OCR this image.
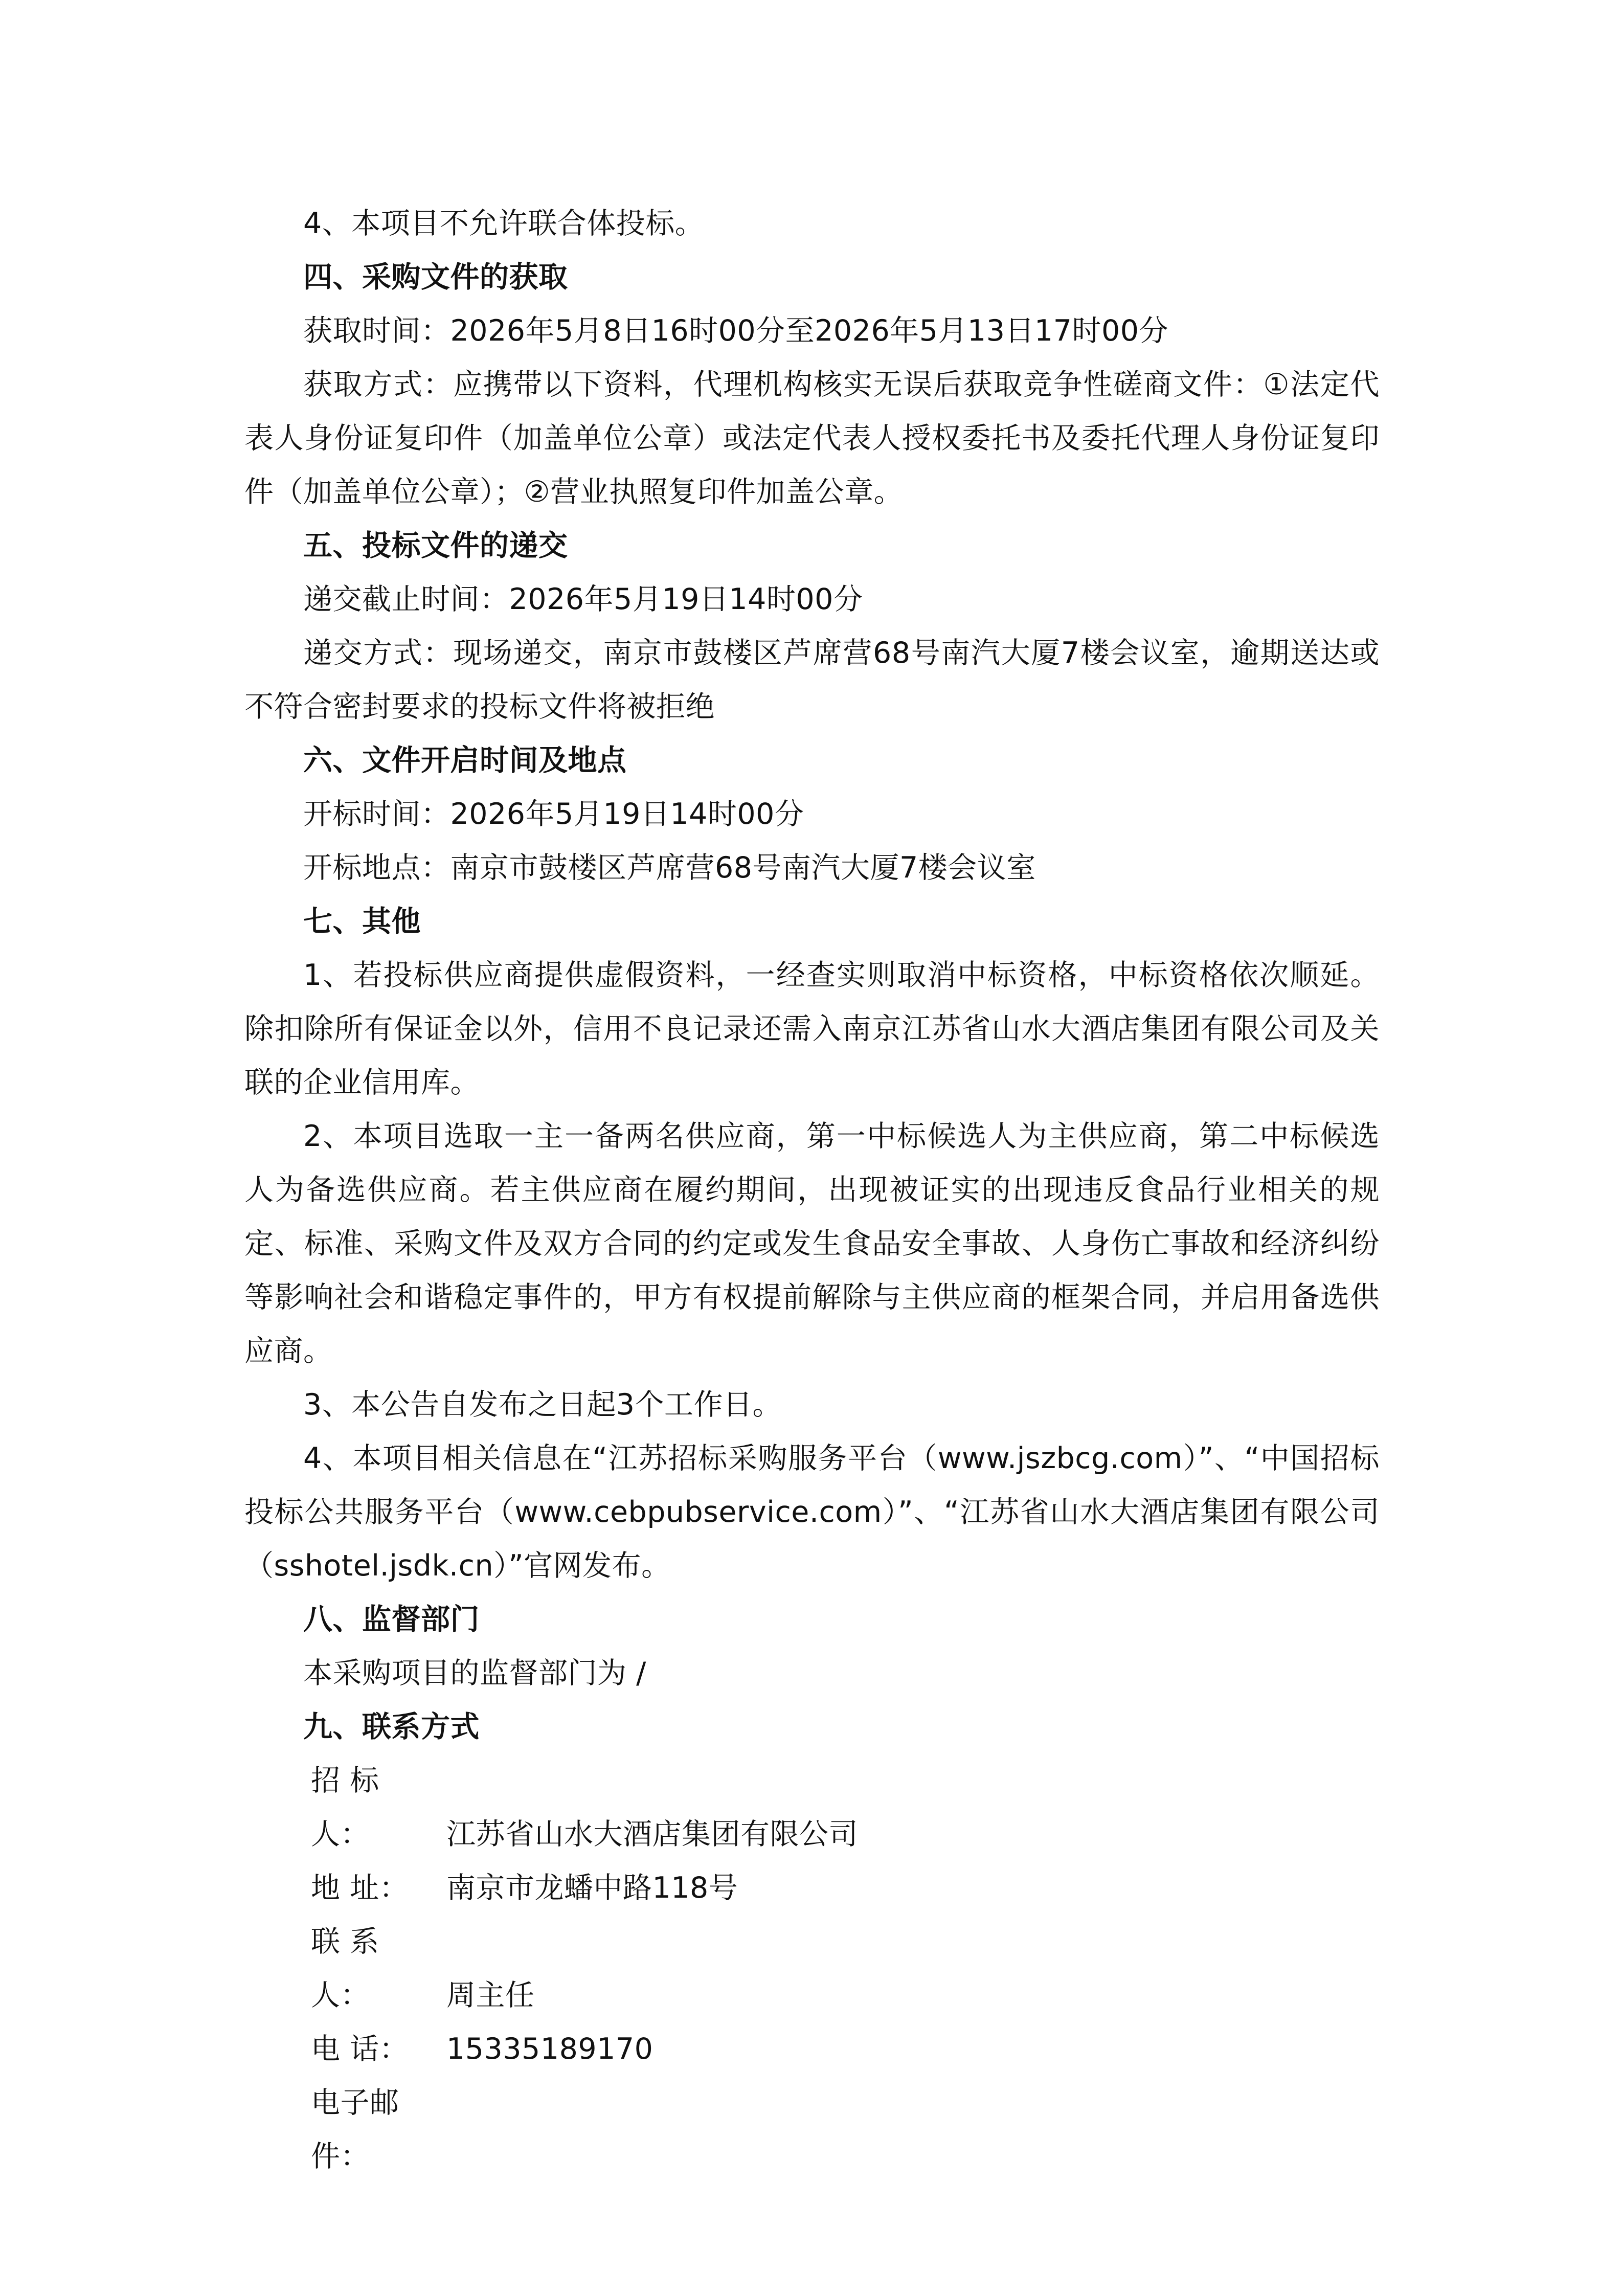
4、本项目不允许联合体投标。

四、采购文件的获取

获取时间：2026年5月8日16时00分至2026年5月13日17时00分

获取方式：应携带以下资料，代理机构核实无误后获取竞争性磋商文件：①法定代表人身份证复印件（加盖单位公章）或法定代表人授权委托书及委托代理人身份证复印件（加盖单位公章）；②营业执照复印件加盖公章。

五、投标文件的递交

递交截止时间：2026年5月19日14时00分

递交方式：现场递交，南京市鼓楼区芦席营68号南汽大厦7楼会议室，逾期送达或不符合密封要求的投标文件将被拒绝

六、文件开启时间及地点

开标时间：2026年5月19日14时00分

开标地点：南京市鼓楼区芦席营68号南汽大厦7楼会议室

七、其他

1、若投标供应商提供虚假资料，一经查实则取消中标资格，中标资格依次顺延。除扣除所有保证金以外，信用不良记录还需入南京江苏省山水大酒店集团有限公司及关联的企业信用库。

2、本项目选取一主一备两名供应商，第一中标候选人为主供应商，第二中标候选人为备选供应商。若主供应商在履约期间，出现被证实的出现违反食品行业相关的规定、标准、采购文件及双方合同的约定或发生食品安全事故、人身伤亡事故和经济纠纷等影响社会和谐稳定事件的，甲方有权提前解除与主供应商的框架合同，并启用备选供应商。

3、本公告自发布之日起3个工作日。

4、本项目相关信息在“江苏招标采购服务平台（www.jszbcg.com）”、“中国招标投标公共服务平台（www.cebpubservice.com）”、“江苏省山水大酒店集团有限公司（sshotel.jsdk.cn）”官网发布。

八、监督部门

本采购项目的监督部门为 /

九、联系方式

招 标 人：	江苏省山水大酒店集团有限公司

地 址： 南京市龙蟠中路118号

联 系 人：	周主任

电 话： 15335189170

电子邮件：
